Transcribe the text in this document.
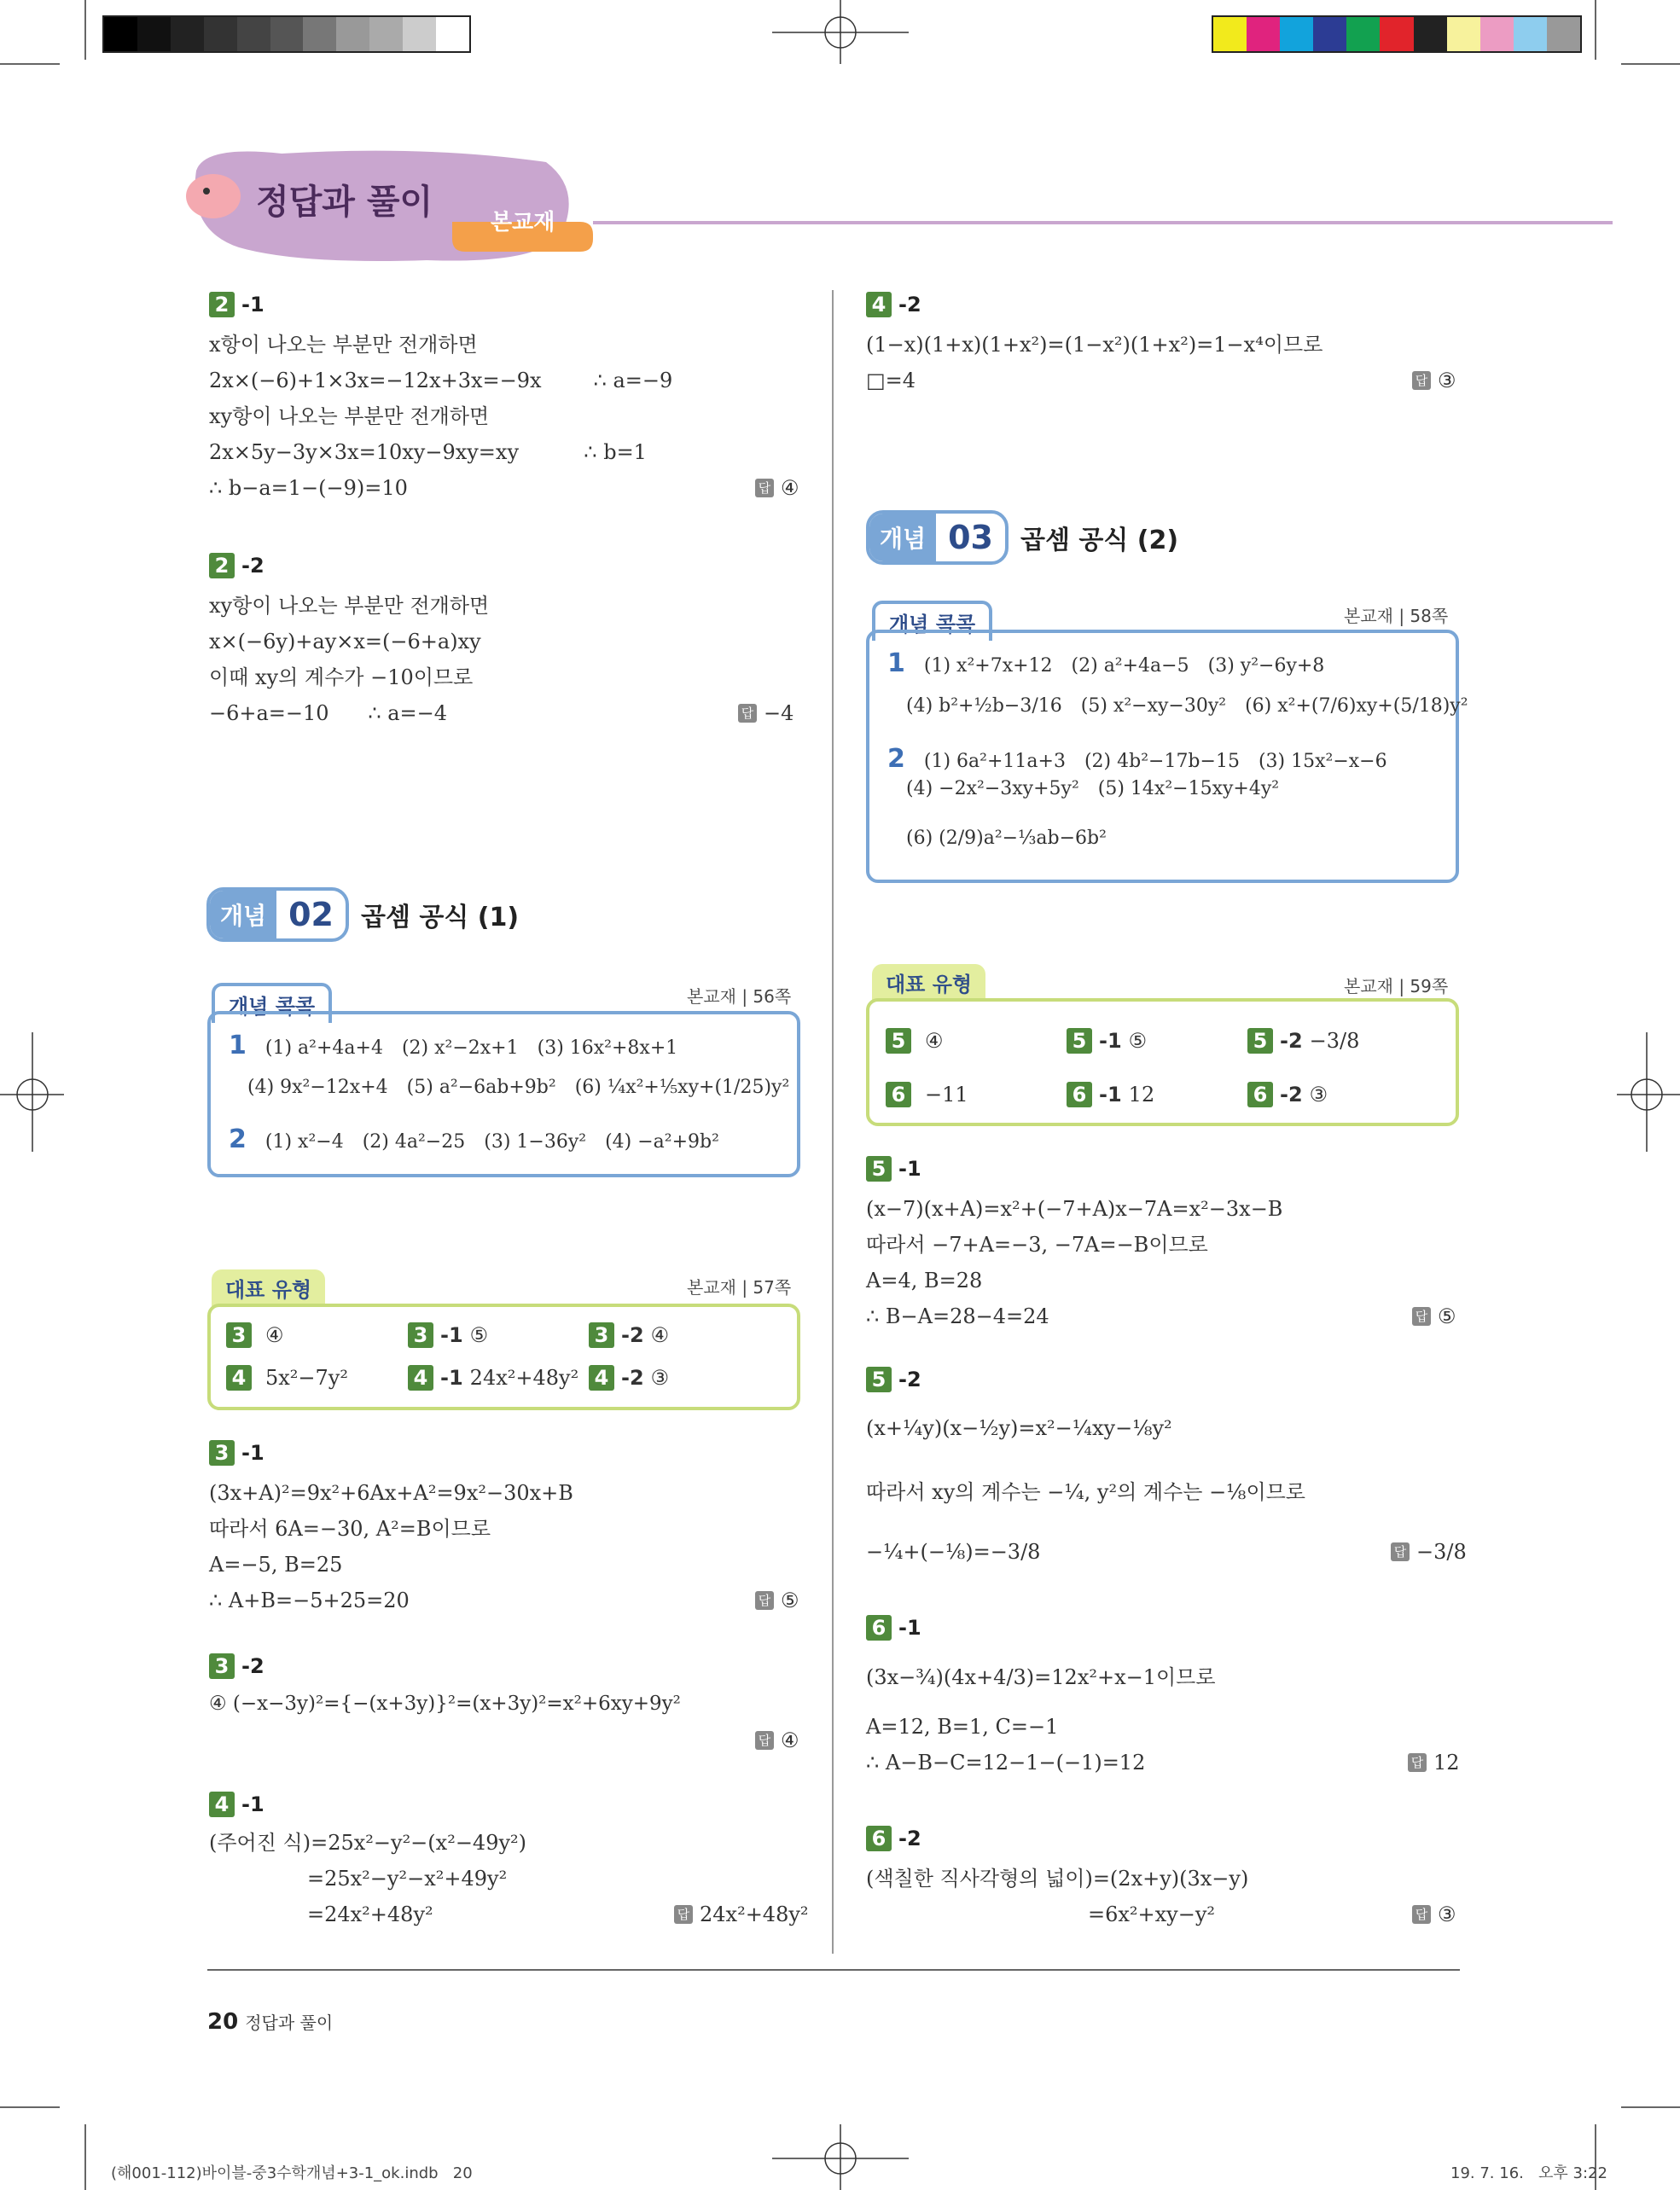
정답과 풀이
본교재
2 -1
x항이 나오는 부분만 전개하면
2x×(−6)+1×3x=−12x+3x=−9x        ∴ a=−9
xy항이 나오는 부분만 전개하면
2x×5y−3y×3x=10xy−9xy=xy          ∴ b=1
∴ b−a=1−(−9)=10	답 ④
2 -2
xy항이 나오는 부분만 전개하면
x×(−6y)+ay×x=(−6+a)xy
이때 xy의 계수가 −10이므로
−6+a=−10      ∴ a=−4	답 −4
개념 02	곱셈 공식 (1)
개념 콕콕	본교재 | 56쪽
1 (1) a²+4a+4 (2) x²−2x+1 (3) 16x²+8x+1
(4) 9x²−12x+4 (5) a²−6ab+9b² (6) ¼x²+⅕xy+(1/25)y²
2 (1) x²−4 (2) 4a²−25 (3) 1−36y² (4) −a²+9b²
대표 유형	본교재 | 57쪽
3 ④	3 -1 ⑤	3 -2 ④
4 5x²−7y²	4 -1 24x²+48y² 4 -2 ③
3 -1
(3x+A)²=9x²+6Ax+A²=9x²−30x+B
따라서 6A=−30, A²=B이므로
A=−5, B=25
∴ A+B=−5+25=20	답 ⑤
3 -2
④ (−x−3y)²={−(x+3y)}²=(x+3y)²=x²+6xy+9y²
답 ④
4 -1
(주어진 식)=25x²−y²−(x²−49y²)
=25x²−y²−x²+49y²
=24x²+48y²	답 24x²+48y²
4 -2
(1−x)(1+x)(1+x²)=(1−x²)(1+x²)=1−x⁴이므로
□=4	답 ③
개념 03	곱셈 공식 (2)
개념 콕콕	본교재 | 58쪽
1 (1) x²+7x+12 (2) a²+4a−5 (3) y²−6y+8
(4) b²+½b−3/16 (5) x²−xy−30y² (6) x²+(7/6)xy+(5/18)y²
2 (1) 6a²+11a+3 (2) 4b²−17b−15 (3) 15x²−x−6
(4) −2x²−3xy+5y² (5) 14x²−15xy+4y²
(6) (2/9)a²−⅓ab−6b²
대표 유형	본교재 | 59쪽
5 ④	5 -1 ⑤	5 -2 −3/8
6 −11	6 -1 12	6 -2 ③
5 -1
(x−7)(x+A)=x²+(−7+A)x−7A=x²−3x−B
따라서 −7+A=−3, −7A=−B이므로
A=4, B=28
∴ B−A=28−4=24	답 ⑤
5 -2
(x+¼y)(x−½y)=x²−¼xy−⅛y²
따라서 xy의 계수는 −¼, y²의 계수는 −⅛이므로
−¼+(−⅛)=−3/8	답 −3/8
6 -1
(3x−¾)(4x+4/3)=12x²+x−1이므로
A=12, B=1, C=−1
∴ A−B−C=12−1−(−1)=12	답 12
6 -2
(색칠한 직사각형의 넓이)=(2x+y)(3x−y)
=6x²+xy−y²	답 ③
20 정답과 풀이
(해001-112)바이블-중3수학개념+3-1_ok.indb   20	19. 7. 16.   오후 3:22
